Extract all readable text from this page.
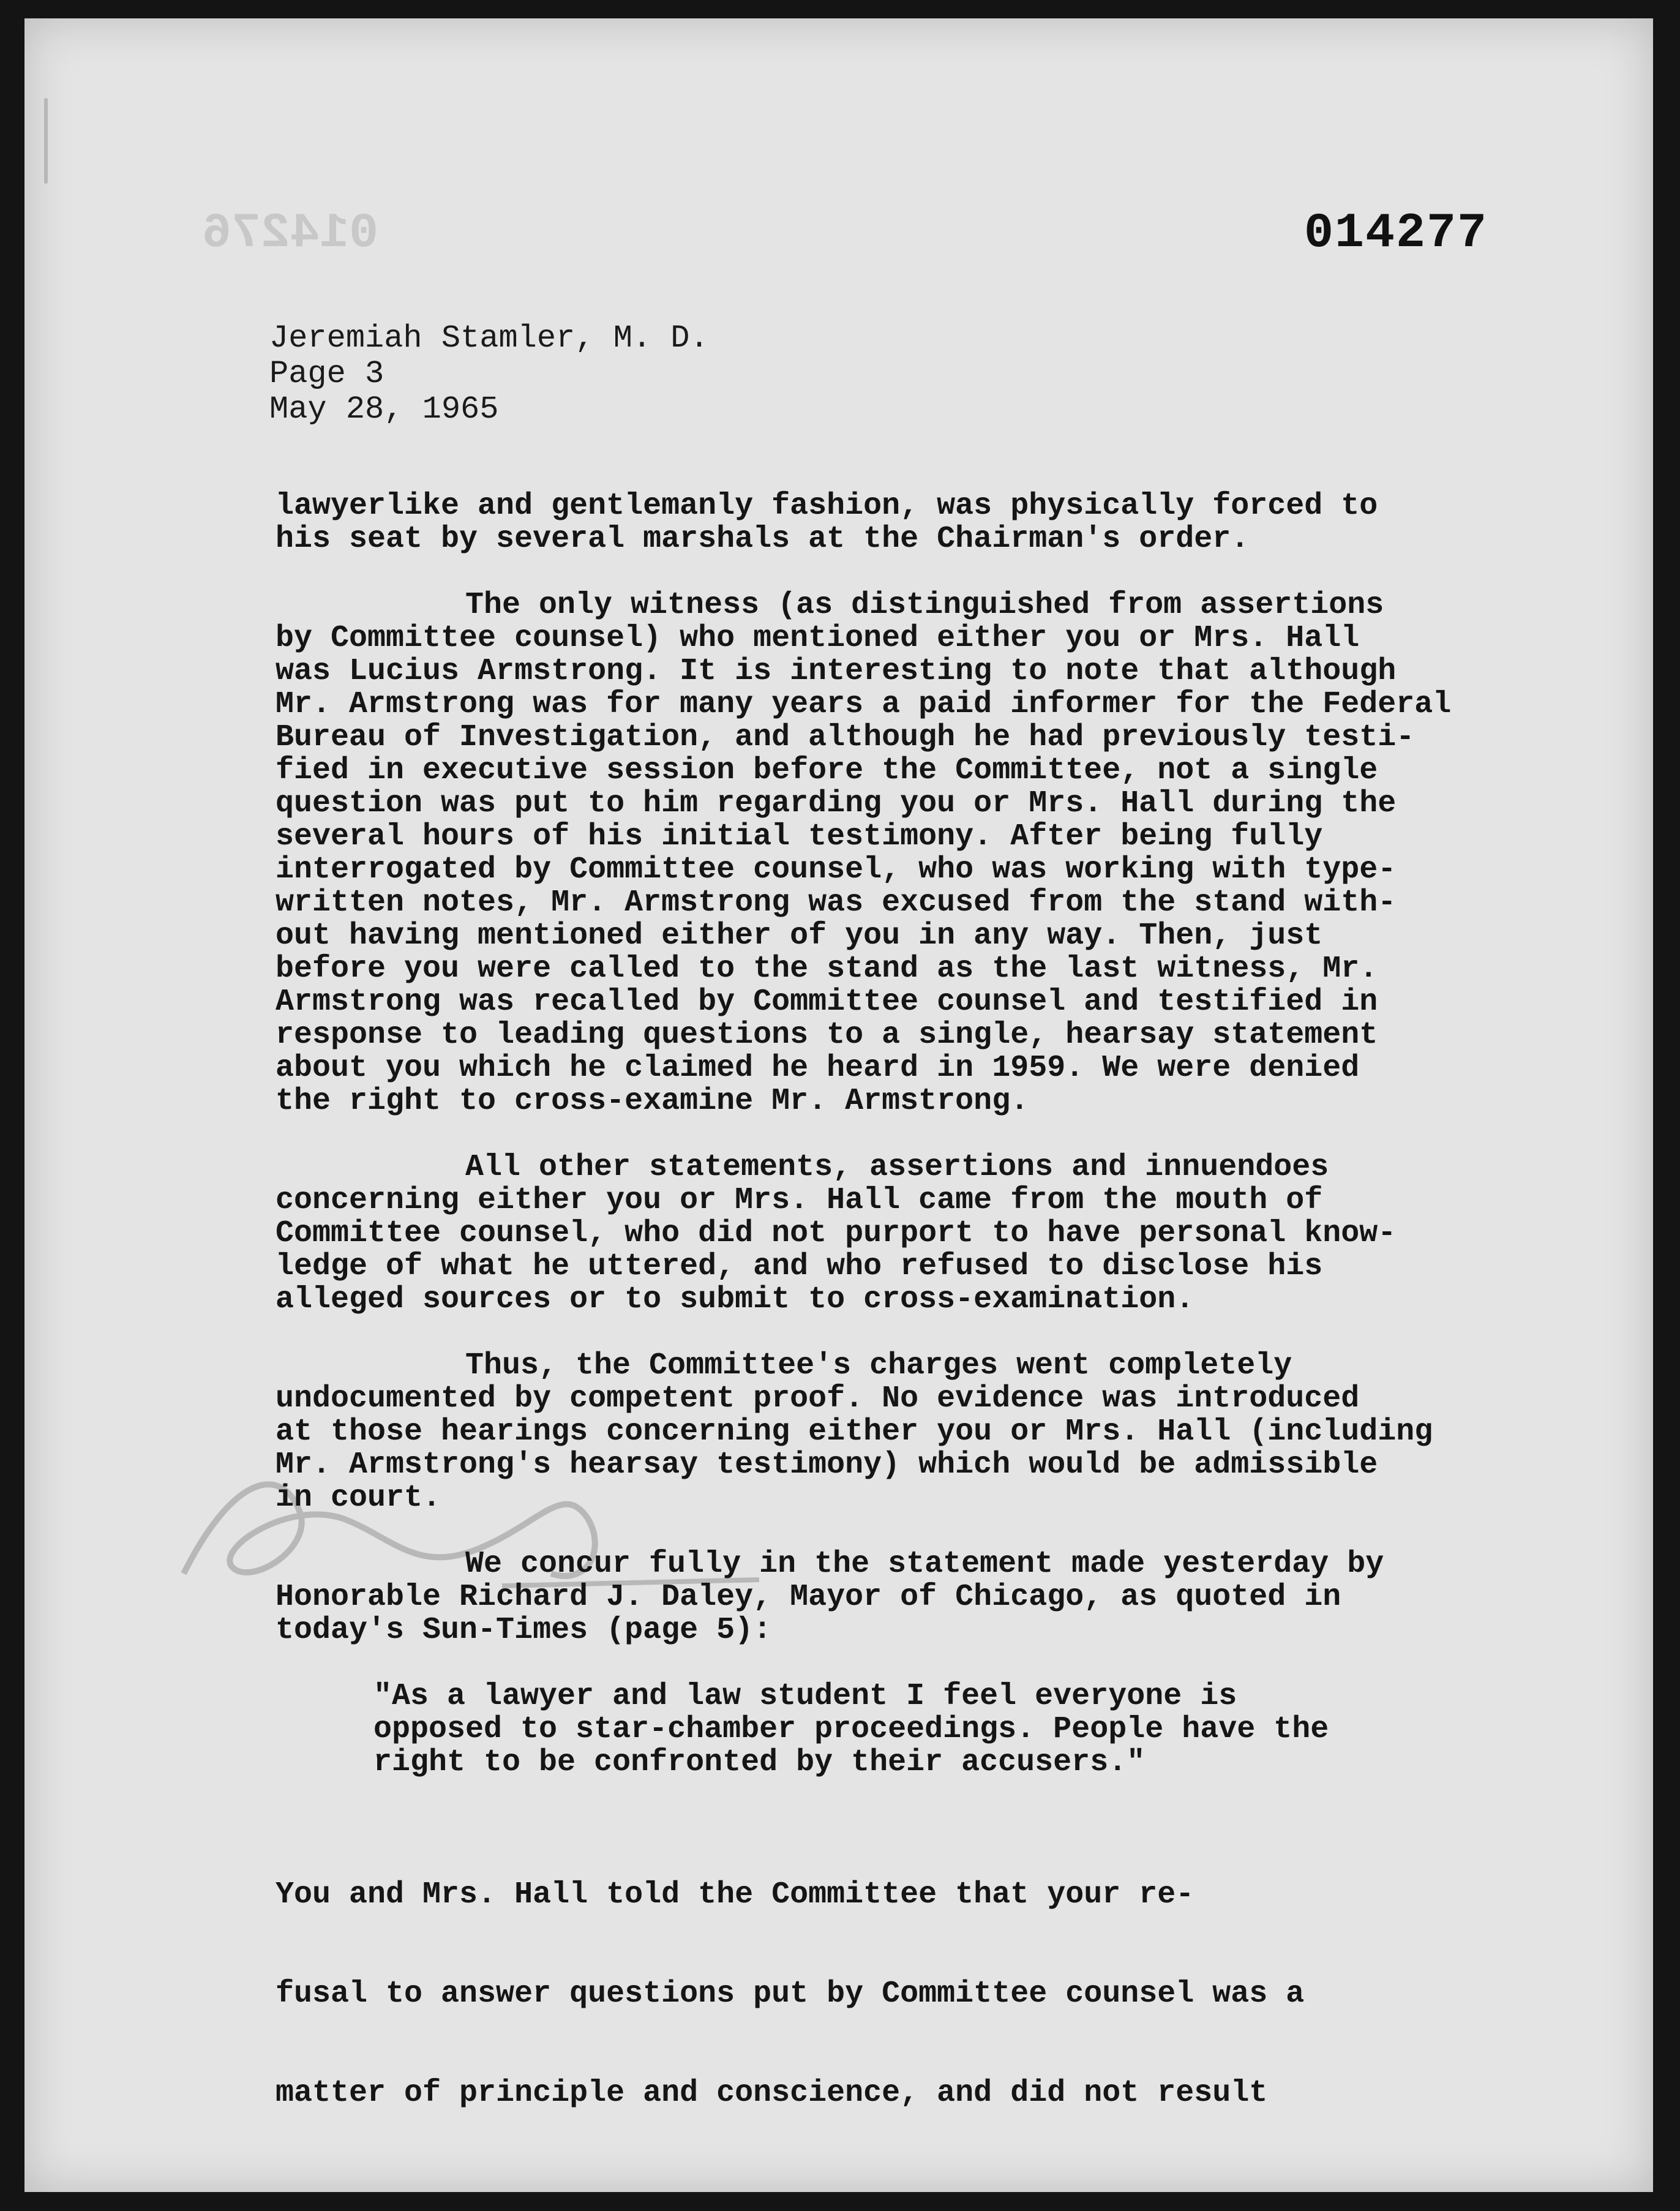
014276	014277

Jeremiah Stamler, M. D.
Page 3
May 28, 1965
lawyerlike and gentlemanly fashion, was physically forced to
his seat by several marshals at the Chairman's order.
The only witness (as distinguished from assertions
by Committee counsel) who mentioned either you or Mrs. Hall
was Lucius Armstrong. It is interesting to note that although
Mr. Armstrong was for many years a paid informer for the Federal
Bureau of Investigation, and although he had previously testi-
fied in executive session before the Committee, not a single
question was put to him regarding you or Mrs. Hall during the
several hours of his initial testimony. After being fully
interrogated by Committee counsel, who was working with type-
written notes, Mr. Armstrong was excused from the stand with-
out having mentioned either of you in any way. Then, just
before you were called to the stand as the last witness, Mr.
Armstrong was recalled by Committee counsel and testified in
response to leading questions to a single, hearsay statement
about you which he claimed he heard in 1959. We were denied
the right to cross-examine Mr. Armstrong.
All other statements, assertions and innuendoes
concerning either you or Mrs. Hall came from the mouth of
Committee counsel, who did not purport to have personal know-
ledge of what he uttered, and who refused to disclose his
alleged sources or to submit to cross-examination.
Thus, the Committee's charges went completely
undocumented by competent proof. No evidence was introduced
at those hearings concerning either you or Mrs. Hall (including
Mr. Armstrong's hearsay testimony) which would be admissible
in court.
We concur fully in the statement made yesterday by
Honorable Richard J. Daley, Mayor of Chicago, as quoted in
today's Sun-Times (page 5):
"As a lawyer and law student I feel everyone is
opposed to star-chamber proceedings. People have the
right to be confronted by their accusers."

You and Mrs. Hall told the Committee that your re-

fusal to answer questions put by Committee counsel was a

matter of principle and conscience, and did not result
